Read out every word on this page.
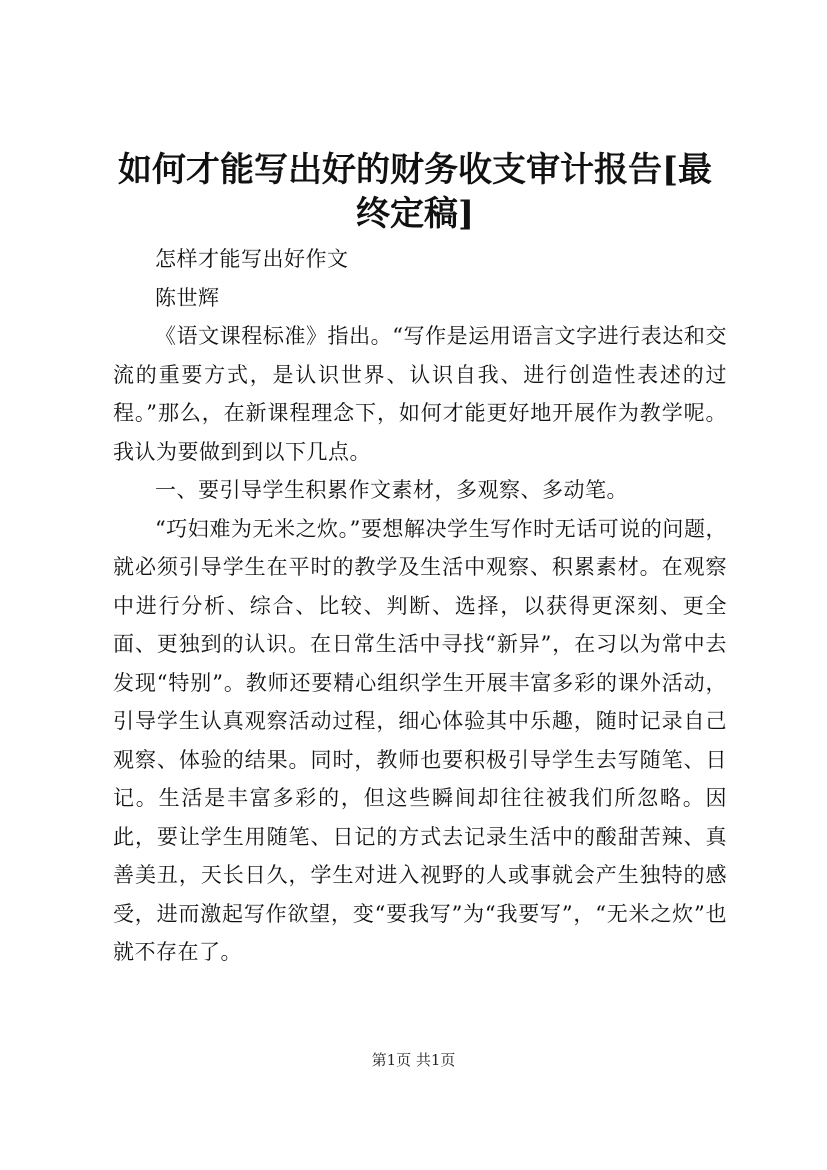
如何才能写出好的财务收支审计报告[最终定稿]

怎样才能写出好作文

陈世辉

《语文课程标准》指出。“写作是运用语言文字进行表达和交流的重要方式，是认识世界、认识自我、进行创造性表述的过程。”那么，在新课程理念下，如何才能更好地开展作为教学呢。我认为要做到到以下几点。

一、要引导学生积累作文素材，多观察、多动笔。

“巧妇难为无米之炊。”要想解决学生写作时无话可说的问题，就必须引导学生在平时的教学及生活中观察、积累素材。在观察中进行分析、综合、比较、判断、选择，以获得更深刻、更全面、更独到的认识。在日常生活中寻找“新异”，在习以为常中去发现“特别”。教师还要精心组织学生开展丰富多彩的课外活动，引导学生认真观察活动过程，细心体验其中乐趣，随时记录自己观察、体验的结果。同时，教师也要积极引导学生去写随笔、日记。生活是丰富多彩的，但这些瞬间却往往被我们所忽略。因此，要让学生用随笔、日记的方式去记录生活中的酸甜苦辣、真善美丑，天长日久，学生对进入视野的人或事就会产生独特的感受，进而激起写作欲望，变“要我写”为“我要写”，“无米之炊”也就不存在了。

第1页 共1页
